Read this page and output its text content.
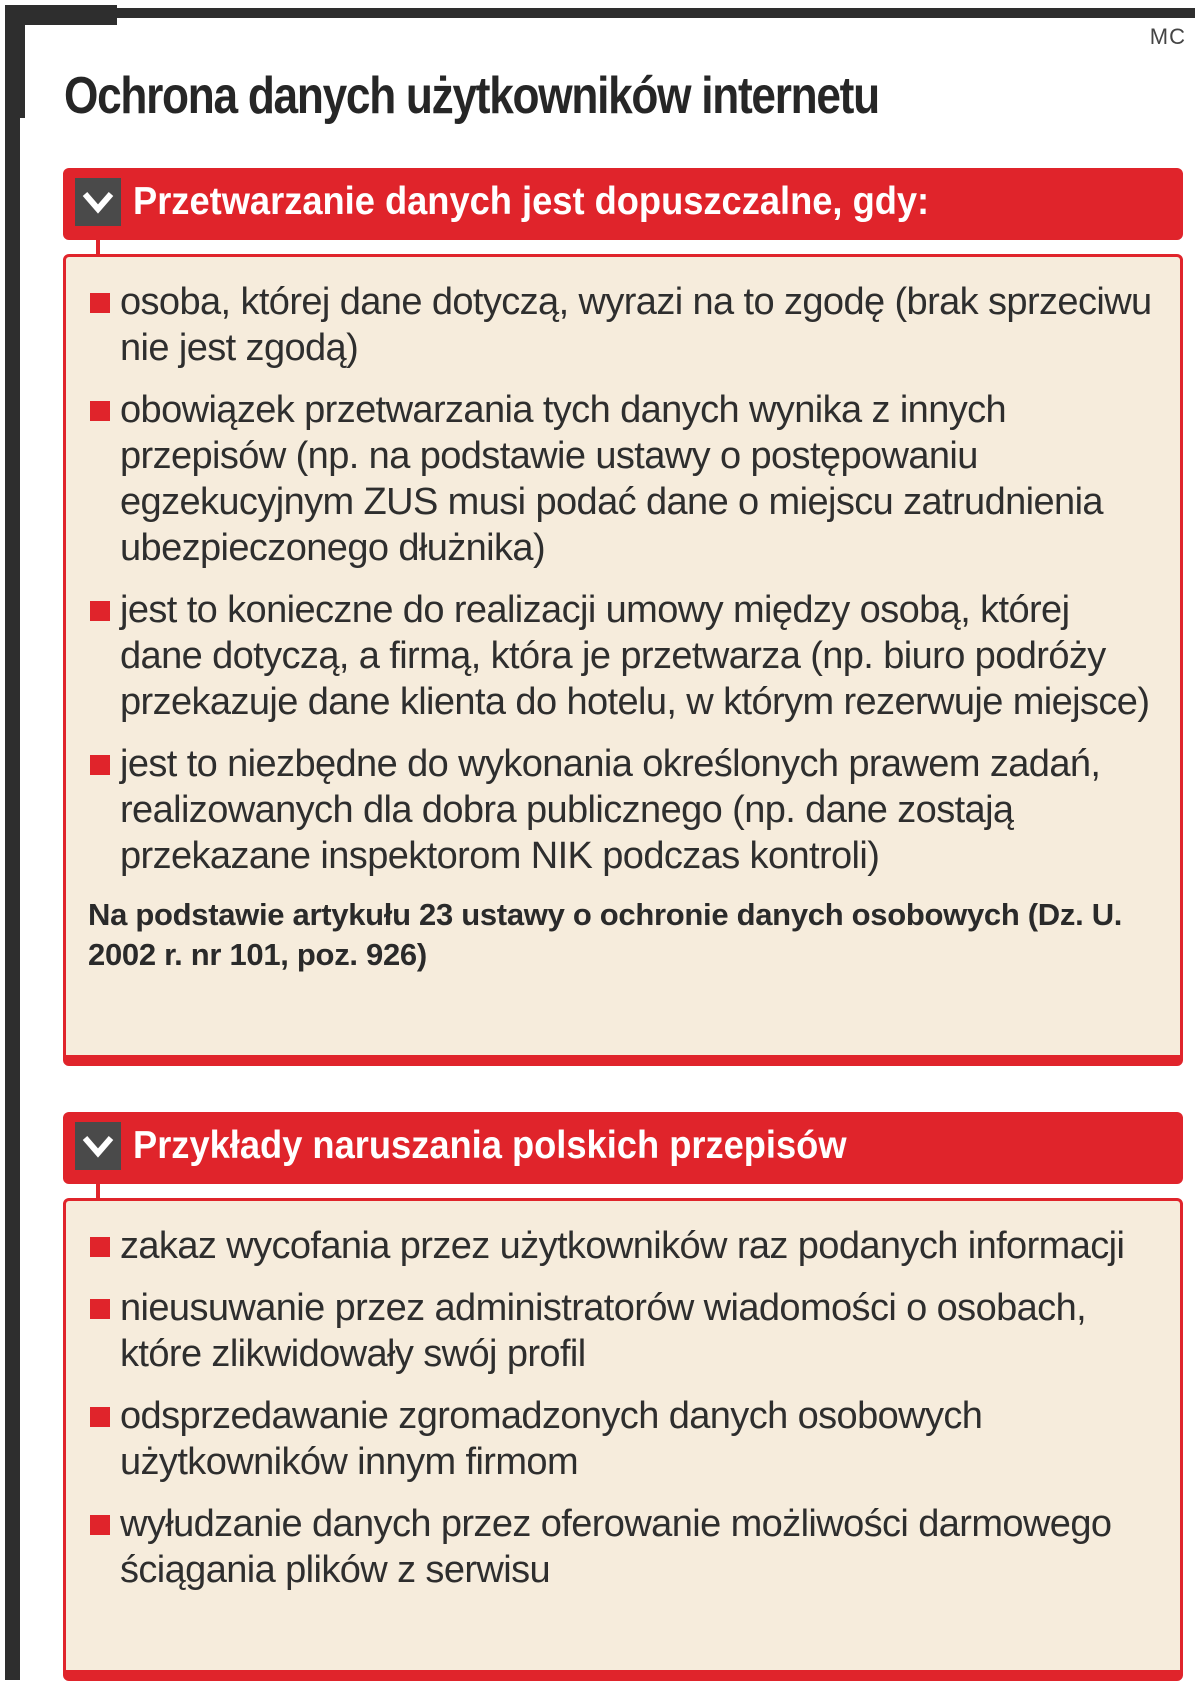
MC
Ochrona danych użytkowników internetu
Przetwarzanie danych jest dopuszczalne, gdy:
osoba, której dane dotyczą, wyrazi na to zgodę (brak sprzeciwu nie jest zgodą)
obowiązek przetwarzania tych danych wynika z innych przepisów (np. na podstawie ustawy o postępowaniu egzekucyjnym ZUS musi podać dane o miejscu zatrudnienia ubezpieczonego dłużnika)
jest to konieczne do realizacji umowy między osobą, której dane dotyczą, a firmą, która je przetwarza (np. biuro podróży przekazuje dane klienta do hotelu, w którym rezerwuje miejsce)
jest to niezbędne do wykonania określonych prawem zadań, realizowanych dla dobra publicznego (np. dane zostają przekazane inspektorom NIK podczas kontroli)
Na podstawie artykułu 23 ustawy o ochronie danych osobowych (Dz. U. 2002 r. nr 101, poz. 926)
Przykłady naruszania polskich przepisów
zakaz wycofania przez użytkowników raz podanych informacji
nieusuwanie przez administratorów wiadomości o osobach, które zlikwidowały swój profil
odsprzedawanie zgromadzonych danych osobowych użytkowników innym firmom
wyłudzanie danych przez oferowanie możliwości darmowego ściągania plików z serwisu
